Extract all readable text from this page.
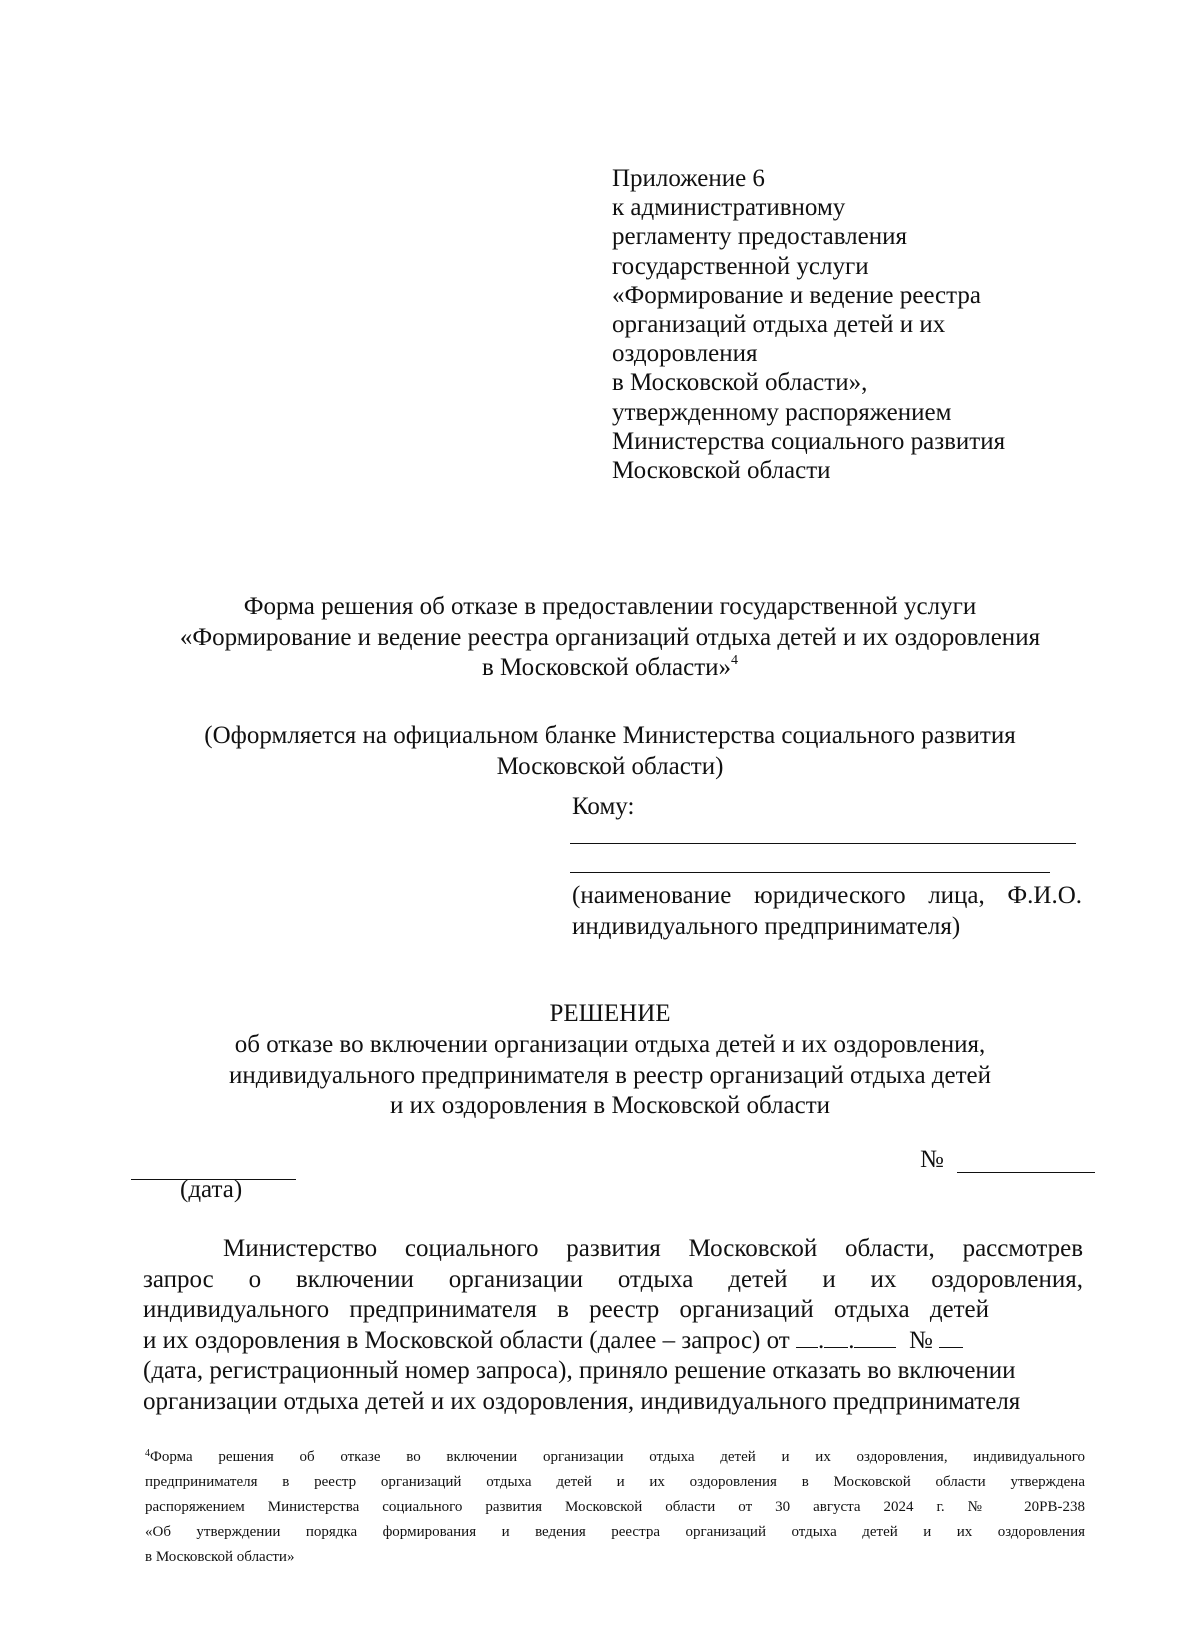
Приложение 6
к административному
регламенту предоставления
государственной услуги
«Формирование и ведение реестра
организаций отдыха детей и их
оздоровления
в Московской области»,
утвержденному распоряжением
Министерства социального развития
Московской области
Форма решения об отказе в предоставлении государственной услуги
«Формирование и ведение реестра организаций отдыха детей и их оздоровления
в Московской области»$^4$
(Оформляется на официальном бланке Министерства социального развития
Московской области)
Кому:
(наименование юридического лица, Ф.И.О.
индивидуального предпринимателя)
РЕШЕНИЕ
об отказе во включении организации отдыха детей и их оздоровления,
индивидуального предпринимателя в реестр организаций отдыха детей
и их оздоровления в Московской области
(дата)
№
Министерство социального развития Московской области, рассмотрев
запрос о включении организации отдыха детей и их оздоровления,
индивидуального предпринимателя в реестр организаций отдыха детей
и их оздоровления в Московской области (далее – запрос) от . . №
(дата, регистрационный номер запроса), приняло решение отказать во включении
организации отдыха детей и их оздоровления, индивидуального предпринимателя
$^4$Форма решения об отказе во включении организации отдыха детей и их оздоровления, индивидуального
предпринимателя в реестр организаций отдыха детей и их оздоровления в Московской области утверждена
распоряжением Министерства социального развития Московской области от 30 августа 2024 г. № 20РВ-238
«Об утверждении порядка формирования и ведения реестра организаций отдыха детей и их оздоровления
в Московской области»
